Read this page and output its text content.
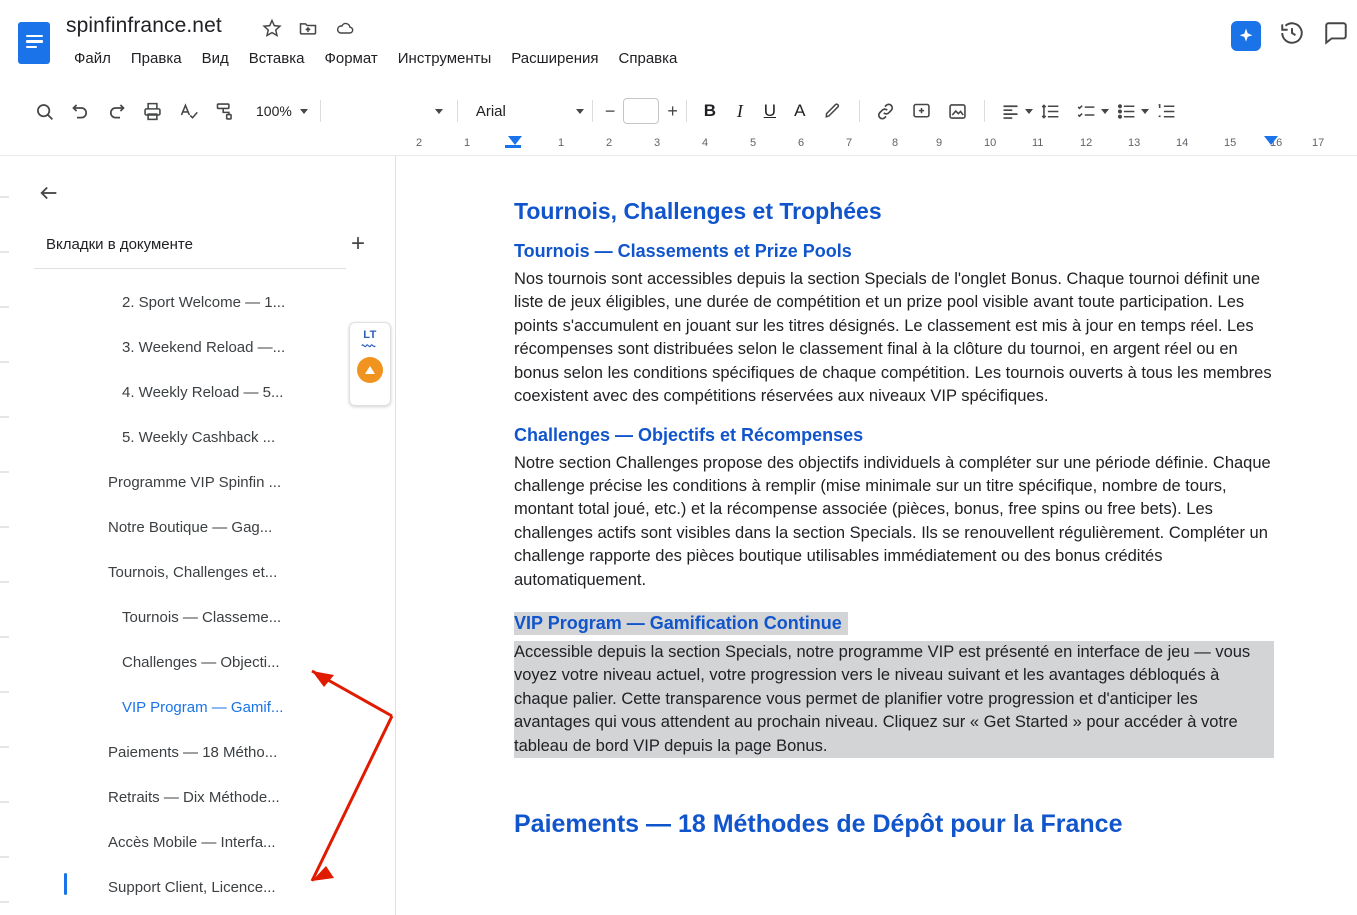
spinfinfrance.net
Файл	Правка	Вид	Вставка	Формат	Инструменты	Расширения	Справка
100%	Arial	−	+	B	I	U	A
2	1	1	2	3	4	5	6	7	8	9	10	11	12	13	14	15	16	17
Вкладки в документе	+
2. Sport Welcome — 1...
3. Weekend Reload —...
4. Weekly Reload — 5...
5. Weekly Cashback ...
Programme VIP Spinfin ...
Notre Boutique — Gag...
Tournois, Challenges et...
Tournois — Classeme...
Challenges — Objecti...
VIP Program — Gamif...
Paiements — 18 Métho...
Retraits — Dix Méthode...
Accès Mobile — Interfa...
Support Client, Licence...
LT
Tournois, Challenges et Trophées
Tournois — Classements et Prize Pools

Nos tournois sont accessibles depuis la section Specials de l'onglet Bonus. Chaque tournoi définit une liste de jeux éligibles, une durée de compétition et un prize pool visible avant toute participation. Les points s'accumulent en jouant sur les titres désignés. Le classement est mis à jour en temps réel. Les récompenses sont distribuées selon le classement final à la clôture du tournoi, en argent réel ou en bonus selon les conditions spécifiques de chaque compétition. Les tournois ouverts à tous les membres coexistent avec des compétitions réservées aux niveaux VIP spécifiques.

Challenges — Objectifs et Récompenses

Notre section Challenges propose des objectifs individuels à compléter sur une période définie. Chaque challenge précise les conditions à remplir (mise minimale sur un titre spécifique, nombre de tours, montant total joué, etc.) et la récompense associée (pièces, bonus, free spins ou free bets). Les challenges actifs sont visibles dans la section Specials. Ils se renouvellent régulièrement. Compléter un challenge rapporte des pièces boutique utilisables immédiatement ou des bonus crédités automatiquement.

VIP Program — Gamification Continue

Accessible depuis la section Specials, notre programme VIP est présenté en interface de jeu — vous voyez votre niveau actuel, votre progression vers le niveau suivant et les avantages débloqués à chaque palier. Cette transparence vous permet de planifier votre progression et d'anticiper les avantages qui vous attendent au prochain niveau. Cliquez sur « Get Started » pour accéder à votre tableau de bord VIP depuis la page Bonus.

Paiements — 18 Méthodes de Dépôt pour la France
